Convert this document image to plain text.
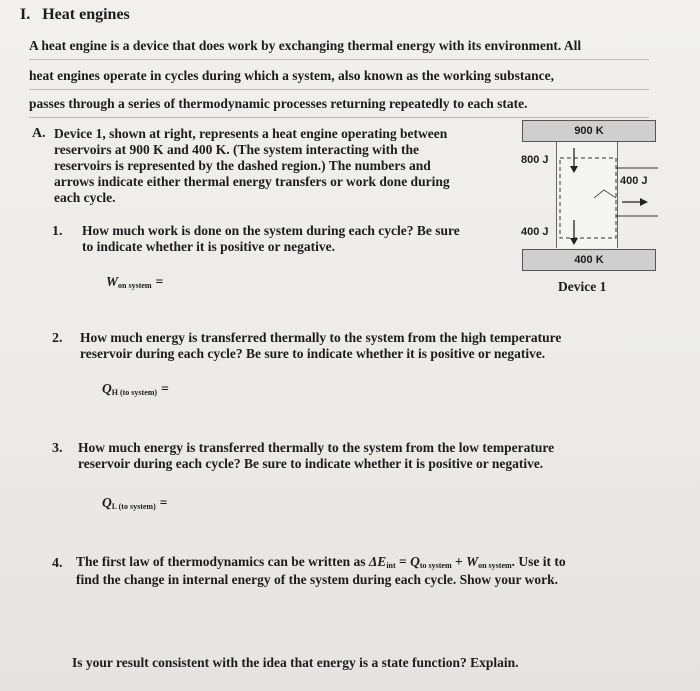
I. Heat engines
A heat engine is a device that does work by exchanging thermal energy with its environment. All
heat engines operate in cycles during which a system, also known as the working substance,
passes through a series of thermodynamic processes returning repeatedly to each state.
A. Device 1, shown at right, represents a heat engine operating between
reservoirs at 900 K and 400 K. (The system interacting with the
reservoirs is represented by the dashed region.) The numbers and
arrows indicate either thermal energy transfers or work done during
each cycle.
900 K
800 J
400 J
400 J
400 K
Device 1
1. How much work is done on the system during each cycle? Be sure
to indicate whether it is positive or negative.
$W_{on system}$ =
2. How much energy is transferred thermally to the system from the high temperature
reservoir during each cycle? Be sure to indicate whether it is positive or negative.
$Q_{H (to system)}$ =
3. How much energy is transferred thermally to the system from the low temperature
reservoir during each cycle? Be sure to indicate whether it is positive or negative.
$Q_{L (to system)}$ =
4. The first law of thermodynamics can be written as $\Delta E_{int} = Q_{to system} + W_{on system}$. Use it to
find the change in internal energy of the system during each cycle. Show your work.
Is your result consistent with the idea that energy is a state function? Explain.
